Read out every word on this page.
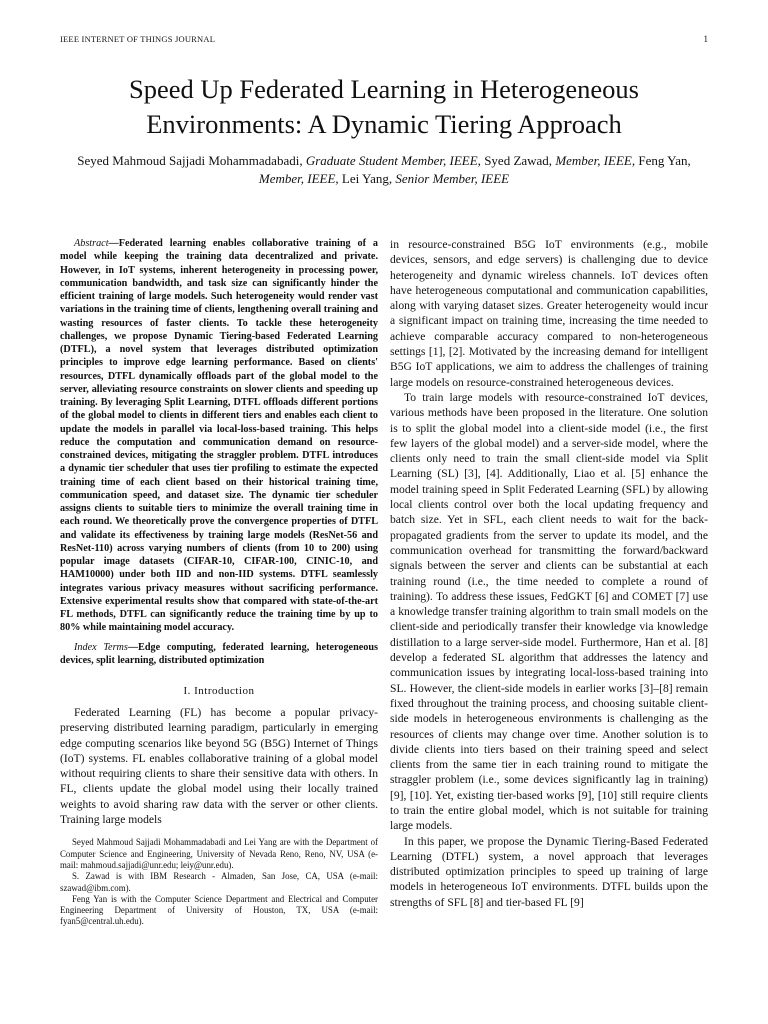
IEEE INTERNET OF THINGS JOURNAL	1
Speed Up Federated Learning in Heterogeneous Environments: A Dynamic Tiering Approach
Seyed Mahmoud Sajjadi Mohammadabadi, Graduate Student Member, IEEE, Syed Zawad, Member, IEEE, Feng Yan, Member, IEEE, Lei Yang, Senior Member, IEEE

Abstract—Federated learning enables collaborative training of a model while keeping the training data decentralized and private. However, in IoT systems, inherent heterogeneity in processing power, communication bandwidth, and task size can significantly hinder the efficient training of large models. Such heterogeneity would render vast variations in the training time of clients, lengthening overall training and wasting resources of faster clients. To tackle these heterogeneity challenges, we propose Dynamic Tiering-based Federated Learning (DTFL), a novel system that leverages distributed optimization principles to improve edge learning performance. Based on clients' resources, DTFL dynamically offloads part of the global model to the server, alleviating resource constraints on slower clients and speeding up training. By leveraging Split Learning, DTFL offloads different portions of the global model to clients in different tiers and enables each client to update the models in parallel via local-loss-based training. This helps reduce the computation and communication demand on resource-constrained devices, mitigating the straggler problem. DTFL introduces a dynamic tier scheduler that uses tier profiling to estimate the expected training time of each client based on their historical training time, communication speed, and dataset size. The dynamic tier scheduler assigns clients to suitable tiers to minimize the overall training time in each round. We theoretically prove the convergence properties of DTFL and validate its effectiveness by training large models (ResNet-56 and ResNet-110) across varying numbers of clients (from 10 to 200) using popular image datasets (CIFAR-10, CIFAR-100, CINIC-10, and HAM10000) under both IID and non-IID systems. DTFL seamlessly integrates various privacy measures without sacrificing performance. Extensive experimental results show that compared with state-of-the-art FL methods, DTFL can significantly reduce the training time by up to 80% while maintaining model accuracy.

Index Terms—Edge computing, federated learning, heterogeneous devices, split learning, distributed optimization

I. Introduction

Federated Learning (FL) has become a popular privacy-preserving distributed learning paradigm, particularly in emerging edge computing scenarios like beyond 5G (B5G) Internet of Things (IoT) systems. FL enables collaborative training of a global model without requiring clients to share their sensitive data with others. In FL, clients update the global model using their locally trained weights to avoid sharing raw data with the server or other clients. Training large models

Seyed Mahmoud Sajjadi Mohammadabadi and Lei Yang are with the Department of Computer Science and Engineering, University of Nevada Reno, Reno, NV, USA (e-mail: mahmoud.sajjadi@unr.edu; leiy@unr.edu).

S. Zawad is with IBM Research - Almaden, San Jose, CA, USA (e-mail: szawad@ibm.com).

Feng Yan is with the Computer Science Department and Electrical and Computer Engineering Department of University of Houston, TX, USA (e-mail: fyan5@central.uh.edu).

in resource-constrained B5G IoT environments (e.g., mobile devices, sensors, and edge servers) is challenging due to device heterogeneity and dynamic wireless channels. IoT devices often have heterogeneous computational and communication capabilities, along with varying dataset sizes. Greater heterogeneity would incur a significant impact on training time, increasing the time needed to achieve comparable accuracy compared to non-heterogeneous settings [1], [2]. Motivated by the increasing demand for intelligent B5G IoT applications, we aim to address the challenges of training large models on resource-constrained heterogeneous devices.

To train large models with resource-constrained IoT devices, various methods have been proposed in the literature. One solution is to split the global model into a client-side model (i.e., the first few layers of the global model) and a server-side model, where the clients only need to train the small client-side model via Split Learning (SL) [3], [4]. Additionally, Liao et al. [5] enhance the model training speed in Split Federated Learning (SFL) by allowing local clients control over both the local updating frequency and batch size. Yet in SFL, each client needs to wait for the back-propagated gradients from the server to update its model, and the communication overhead for transmitting the forward/backward signals between the server and clients can be substantial at each training round (i.e., the time needed to complete a round of training). To address these issues, FedGKT [6] and COMET [7] use a knowledge transfer training algorithm to train small models on the client-side and periodically transfer their knowledge via knowledge distillation to a large server-side model. Furthermore, Han et al. [8] develop a federated SL algorithm that addresses the latency and communication issues by integrating local-loss-based training into SL. However, the client-side models in earlier works [3]–[8] remain fixed throughout the training process, and choosing suitable client-side models in heterogeneous environments is challenging as the resources of clients may change over time. Another solution is to divide clients into tiers based on their training speed and select clients from the same tier in each training round to mitigate the straggler problem (i.e., some devices significantly lag in training) [9], [10]. Yet, existing tier-based works [9], [10] still require clients to train the entire global model, which is not suitable for training large models.

In this paper, we propose the Dynamic Tiering-Based Federated Learning (DTFL) system, a novel approach that leverages distributed optimization principles to speed up training of large models in heterogeneous IoT environments. DTFL builds upon the strengths of SFL [8] and tier-based FL [9]
